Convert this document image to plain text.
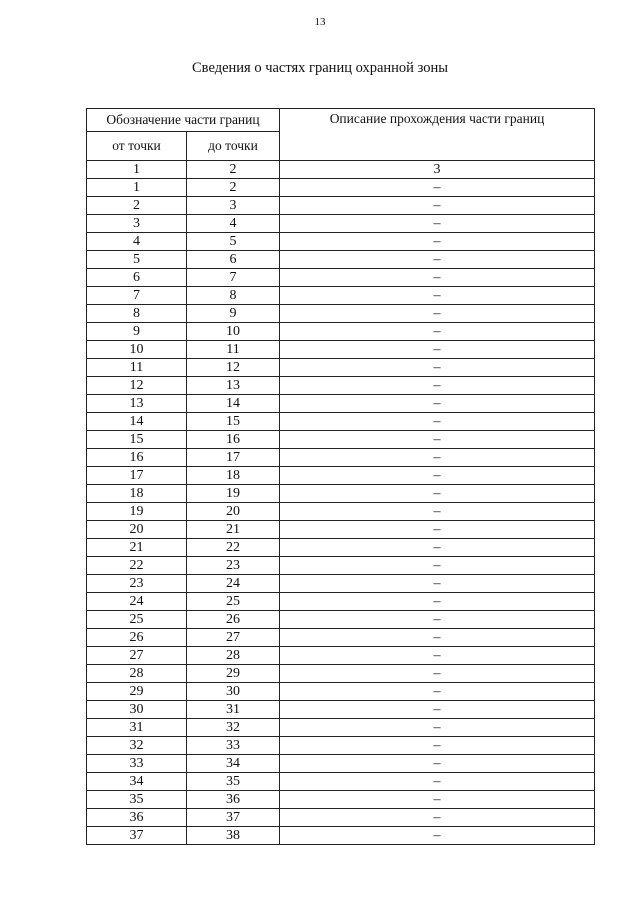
13
Сведения о частях границ охранной зоны
Обозначение части границ		Описание прохождения части границ
от точки	до точки	
1	2	3
1	2	–
2	3	–
3	4	–
4	5	–
5	6	–
6	7	–
7	8	–
8	9	–
9	10	–
10	11	–
11	12	–
12	13	–
13	14	–
14	15	–
15	16	–
16	17	–
17	18	–
18	19	–
19	20	–
20	21	–
21	22	–
22	23	–
23	24	–
24	25	–
25	26	–
26	27	–
27	28	–
28	29	–
29	30	–
30	31	–
31	32	–
32	33	–
33	34	–
34	35	–
35	36	–
36	37	–
37	38	–
